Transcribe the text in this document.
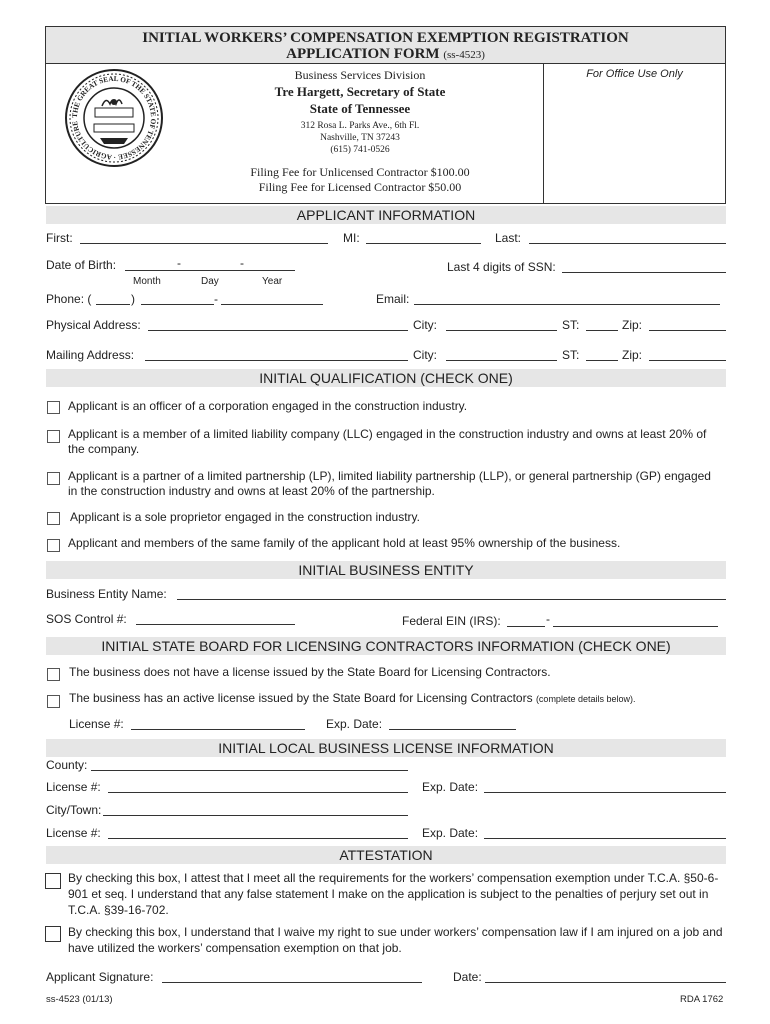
INITIAL WORKERS’ COMPENSATION EXEMPTION REGISTRATION
APPLICATION FORM (ss-4523)
For Office Use Only
THE GREAT SEAL OF THE STATE OF TENNESSEE · AGRICULTURE
Business Services Division
Tre Hargett, Secretary of State
State of Tennessee
312 Rosa L. Parks Ave., 6th Fl.
Nashville, TN 37243
(615) 741-0526
Filing Fee for Unlicensed Contractor $100.00
Filing Fee for Licensed Contractor $50.00
APPLICANT INFORMATION
First:	MI:	Last:
Date of Birth:	-	-
Month	Day	Year
Last 4 digits of SSN:
Phone: (	)	-	Email:
Physical Address:	City:	ST:	Zip:
Mailing Address:	City:	ST:	Zip:
INITIAL QUALIFICATION (CHECK ONE)
Applicant is an officer of a corporation engaged in the construction industry.
Applicant is a member of a limited liability company (LLC) engaged in the construction industry and owns at least 20% of the company.
Applicant is a partner of a limited partnership (LP), limited liability partnership (LLP), or general partnership (GP) engaged in the construction industry and owns at least 20% of the partnership.
Applicant is a sole proprietor engaged in the construction industry.
Applicant and members of the same family of the applicant hold at least 95% ownership of the business.
INITIAL BUSINESS ENTITY
Business Entity Name:
SOS Control #:	Federal EIN (IRS):	-
INITIAL STATE BOARD FOR LICENSING CONTRACTORS INFORMATION (CHECK ONE)
The business does not have a license issued by the State Board for Licensing Contractors.
The business has an active license issued by the State Board for Licensing Contractors (complete details below).
License #:	Exp. Date:
INITIAL LOCAL BUSINESS LICENSE INFORMATION
County:
License #:	Exp. Date:
City/Town:
License #:	Exp. Date:
ATTESTATION
By checking this box, I attest that I meet all the requirements for the workers’ compensation exemption under T.C.A. §50-6-901 et seq. I understand that any false statement I make on the application is subject to the penalties of perjury set out in T.C.A. §39-16-702.
By checking this box, I understand that I waive my right to sue under workers’ compensation law if I am injured on a job and have utilized the workers’ compensation exemption on that job.
Applicant Signature:	Date:
ss-4523 (01/13)	RDA 1762
